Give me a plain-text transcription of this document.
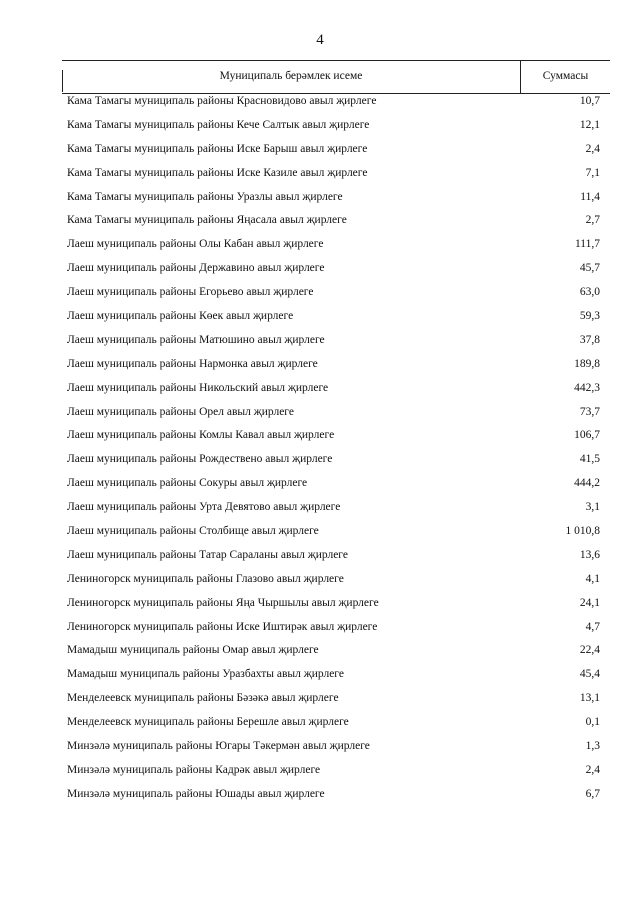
4
Муниципаль берәмлек исеме	Суммасы
Кама Тамагы муниципаль районы Красновидово авыл җирлеге	10,7
Кама Тамагы муниципаль районы Кече Салтык авыл җирлеге	12,1
Кама Тамагы муниципаль районы Иске Барыш авыл җирлеге	2,4
Кама Тамагы муниципаль районы Иске Казиле авыл җирлеге	7,1
Кама Тамагы муниципаль районы Уразлы авыл җирлеге	11,4
Кама Тамагы муниципаль районы Яңасала авыл җирлеге	2,7
Лаеш муниципаль районы Олы Кабан авыл җирлеге	111,7
Лаеш муниципаль районы Державино авыл җирлеге	45,7
Лаеш муниципаль районы Егорьево авыл җирлеге	63,0
Лаеш муниципаль районы Көек авыл җирлеге	59,3
Лаеш муниципаль районы Матюшино авыл җирлеге	37,8
Лаеш муниципаль районы Нармонка авыл җирлеге	189,8
Лаеш муниципаль районы Никольский авыл җирлеге	442,3
Лаеш муниципаль районы Орел авыл җирлеге	73,7
Лаеш муниципаль районы Комлы Кавал авыл җирлеге	106,7
Лаеш муниципаль районы Рождествено авыл җирлеге	41,5
Лаеш муниципаль районы Сокуры авыл җирлеге	444,2
Лаеш муниципаль районы Урта Девятово авыл җирлеге	3,1
Лаеш муниципаль районы Столбище авыл җирлеге	1 010,8
Лаеш муниципаль районы Татар Сараланы авыл җирлеге	13,6
Лениногорск муниципаль районы Глазово авыл җирлеге	4,1
Лениногорск муниципаль районы Яңа Чыршылы авыл җирлеге	24,1
Лениногорск муниципаль районы Иске Иштирәк авыл җирлеге	4,7
Мамадыш муниципаль районы Омар авыл җирлеге	22,4
Мамадыш муниципаль районы Уразбахты авыл җирлеге	45,4
Менделеевск муниципаль районы Бәзәкә авыл җирлеге	13,1
Менделеевск муниципаль районы Берешле авыл җирлеге	0,1
Минзәлә муниципаль районы Югары Тәкермән авыл җирлеге	1,3
Минзәлә муниципаль районы Кадрәк авыл җирлеге	2,4
Минзәлә муниципаль районы Юшады авыл җирлеге	6,7
